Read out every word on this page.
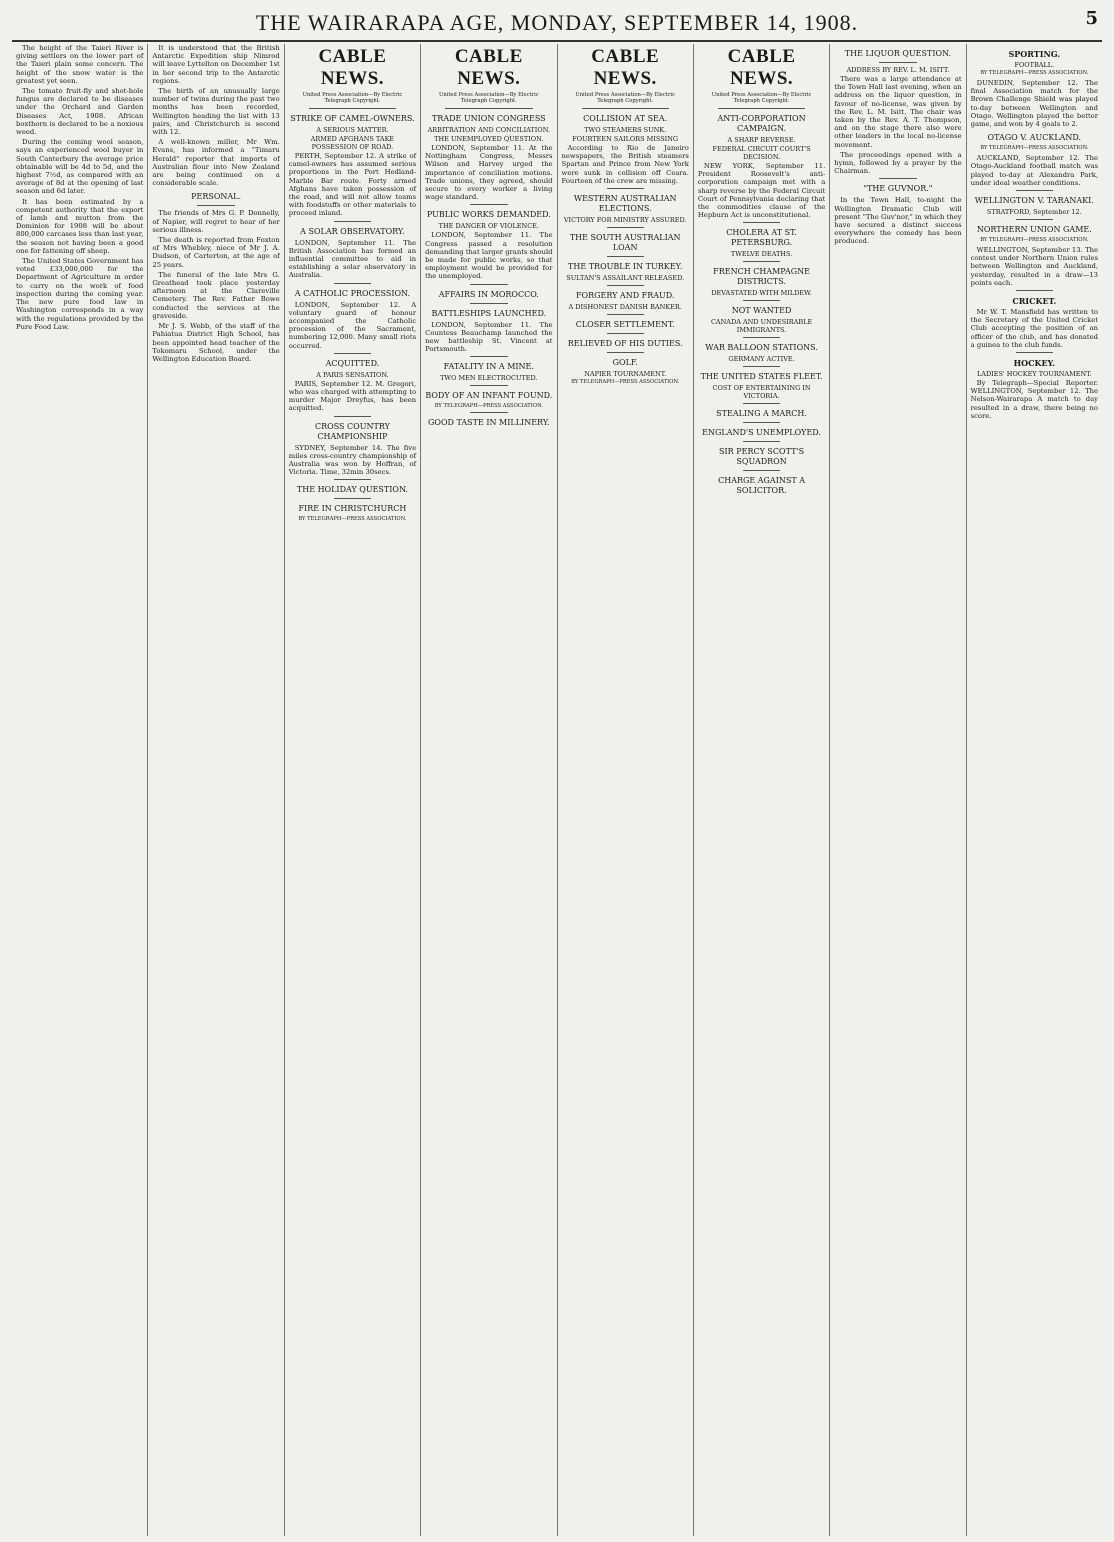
THE WAIRARAPA AGE, MONDAY, SEPTEMBER 14, 1908.	5

The height of the Taieri River is giving settlers on the lower part of the Taieri plain some concern. The height of the snow water is the greatest yet seen.

The tomato fruit-fly and shot-hole fungus are declared to be diseases under the Orchard and Garden Diseases Act, 1908. African boxthorn is declared to be a noxious weed.

During the coming wool season, says an experienced wool buyer in South Canterbury the average price obtainable will be 4d to 5d, and the highest 7½d, as compared with an average of 8d at the opening of last season and 6d later.

It has been estimated by a competent authority that the export of lamb and mutton from the Dominion for 1908 will be about 800,000 carcases less than last year, the season not having been a good one for fattening off sheep.

The United States Government has voted £33,000,000 for the Department of Agriculture in order to carry on the work of food inspection during the coming year. The new pure food law in Washington corresponds in a way with the regulations provided by the Pure Food Law.

It is understood that the British Antarctic Expedition ship Nimrod will leave Lyttelton on December 1st in her second trip to the Antarctic regions.

The birth of an unusually large number of twins during the past two months has been recorded, Wellington heading the list with 13 pairs, and Christchurch is second with 12.

A well-known miller, Mr Wm. Evans, has informed a "Timaru Herald" reporter that imports of Australian flour into New Zealand are being continued on a considerable scale.

PERSONAL.

The friends of Mrs G. P. Donnelly, of Napier, will regret to hear of her serious illness.

The death is reported from Foxton of Mrs Whebley, niece of Mr J. A. Dudson, of Carterton, at the age of 25 years.

The funeral of the late Mrs G. Greathead took place yesterday afternoon at the Clareville Cemetery. The Rev. Father Bowe conducted the services at the graveside.

Mr J. S. Webb, of the staff of the Pahiatua District High School, has been appointed head teacher of the Tokomaru School, under the Wellington Education Board.

CABLE NEWS.
United Press Association—By Electric Telegraph Copyright.
STRIKE OF CAMEL-OWNERS.
A SERIOUS MATTER.
ARMED AFGHANS TAKE POSSESSION OF ROAD.

PERTH, September 12. A strike of camel-owners has assumed serious proportions in the Port Hedland-Marble Bar route. Forty armed Afghans have taken possession of the road, and will not allow teams with foodstuffs or other materials to proceed inland.

A SOLAR OBSERVATORY.

LONDON, September 11. The British Association has formed an influential committee to aid in establishing a solar observatory in Australia.

A CATHOLIC PROCESSION.

LONDON, September 12. A voluntary guard of honour accompanied the Catholic procession of the Sacrament, numbering 12,000. Many small riots occurred.

ACQUITTED.
A PARIS SENSATION.

PARIS, September 12. M. Gregori, who was charged with attempting to murder Major Dreyfus, has been acquitted.

CROSS COUNTRY CHAMPIONSHIP

SYDNEY, September 14. The five miles cross-country championship of Australia was won by Hoffran, of Victoria. Time, 32min 30secs.

THE HOLIDAY QUESTION.
FIRE IN CHRISTCHURCH
BY TELEGRAPH—PRESS ASSOCIATION.
CABLE NEWS.
United Press Association—By Electric Telegraph Copyright.
TRADE UNION CONGRESS
ARBITRATION AND CONCILIATION.
THE UNEMPLOYED QUESTION.

LONDON, September 11. At the Nottingham Congress, Messrs Wilson and Harvey urged the importance of conciliation motions. Trade unions, they agreed, should secure to every worker a living wage standard.

PUBLIC WORKS DEMANDED.
THE DANGER OF VIOLENCE.

LONDON, September 11. The Congress passed a resolution demanding that larger grants should be made for public works, so that employment would be provided for the unemployed.

AFFAIRS IN MOROCCO.
BATTLESHIPS LAUNCHED.

LONDON, September 11. The Countess Beauchamp launched the new battleship St. Vincent at Portsmouth.

FATALITY IN A MINE.
TWO MEN ELECTROCUTED.
BODY OF AN INFANT FOUND.
BY TELEGRAPH—PRESS ASSOCIATION.
GOOD TASTE IN MILLINERY.
CABLE NEWS.
United Press Association—By Electric Telegraph Copyright.
COLLISION AT SEA.
TWO STEAMERS SUNK.
FOURTEEN SAILORS MISSING

According to Rio de Janeiro newspapers, the British steamers Spartan and Prince from New York were sunk in collision off Ceara. Fourteen of the crew are missing.

WESTERN AUSTRALIAN ELECTIONS.
VICTORY FOR MINISTRY ASSURED.
THE SOUTH AUSTRALIAN LOAN
THE TROUBLE IN TURKEY.
SULTAN'S ASSAILANT RELEASED.
FORGERY AND FRAUD.
A DISHONEST DANISH BANKER.
CLOSER SETTLEMENT.
RELIEVED OF HIS DUTIES.
GOLF.
NAPIER TOURNAMENT.
BY TELEGRAPH—PRESS ASSOCIATION.
CABLE NEWS.
United Press Association—By Electric Telegraph Copyright.
ANTI-CORPORATION CAMPAIGN.
A SHARP REVERSE.
FEDERAL CIRCUIT COURT'S DECISION.

NEW YORK, September 11. President Roosevelt's anti-corporation campaign met with a sharp reverse by the Federal Circuit Court of Pennsylvania declaring that the commodities clause of the Hepburn Act is unconstitutional.

CHOLERA AT ST. PETERSBURG.
TWELVE DEATHS.
FRENCH CHAMPAGNE DISTRICTS.
DEVASTATED WITH MILDEW.
NOT WANTED
CANADA AND UNDESIRABLE IMMIGRANTS.
WAR BALLOON STATIONS.
GERMANY ACTIVE.
THE UNITED STATES FLEET.
COST OF ENTERTAINING IN VICTORIA.
STEALING A MARCH.
ENGLAND'S UNEMPLOYED.
SIR PERCY SCOTT'S SQUADRON
CHARGE AGAINST A SOLICITOR.
THE LIQUOR QUESTION.
ADDRESS BY REV. L. M. ISITT.

There was a large attendance at the Town Hall last evening, when an address on the liquor question, in favour of no-license, was given by the Rev. L. M. Isitt. The chair was taken by the Rev. A. T. Thompson, and on the stage there also were other leaders in the local no-license movement.

The proceedings opened with a hymn, followed by a prayer by the Chairman.

"THE GUVNOR."

In the Town Hall, to-night the Wellington Dramatic Club will present "The Guv'nor," in which they have secured a distinct success everywhere the comedy has been produced.

SPORTING.
FOOTBALL.
BY TELEGRAPH—PRESS ASSOCIATION.

DUNEDIN, September 12. The final Association match for the Brown Challenge Shield was played to-day between Wellington and Otago. Wellington played the better game, and won by 4 goals to 2.

OTAGO V. AUCKLAND.
BY TELEGRAPH—PRESS ASSOCIATION.

AUCKLAND, September 12. The Otago-Auckland football match was played to-day at Alexandra Park, under ideal weather conditions.

WELLINGTON V. TARANAKI.
STRATFORD, September 12.
NORTHERN UNION GAME.
BY TELEGRAPH—PRESS ASSOCIATION.

WELLINGTON, September 13. The contest under Northern Union rules between Wellington and Auckland, yesterday, resulted in a draw—13 points each.

CRICKET.

Mr W. T. Mansfield has written to the Secretary of the United Cricket Club accepting the position of an officer of the club, and has donated a guinea to the club funds.

HOCKEY.
LADIES' HOCKEY TOURNAMENT.

By Telegraph—Special Reporter. WELLINGTON, September 12. The Nelson-Wairarapa A match to day resulted in a draw, there being no score.
